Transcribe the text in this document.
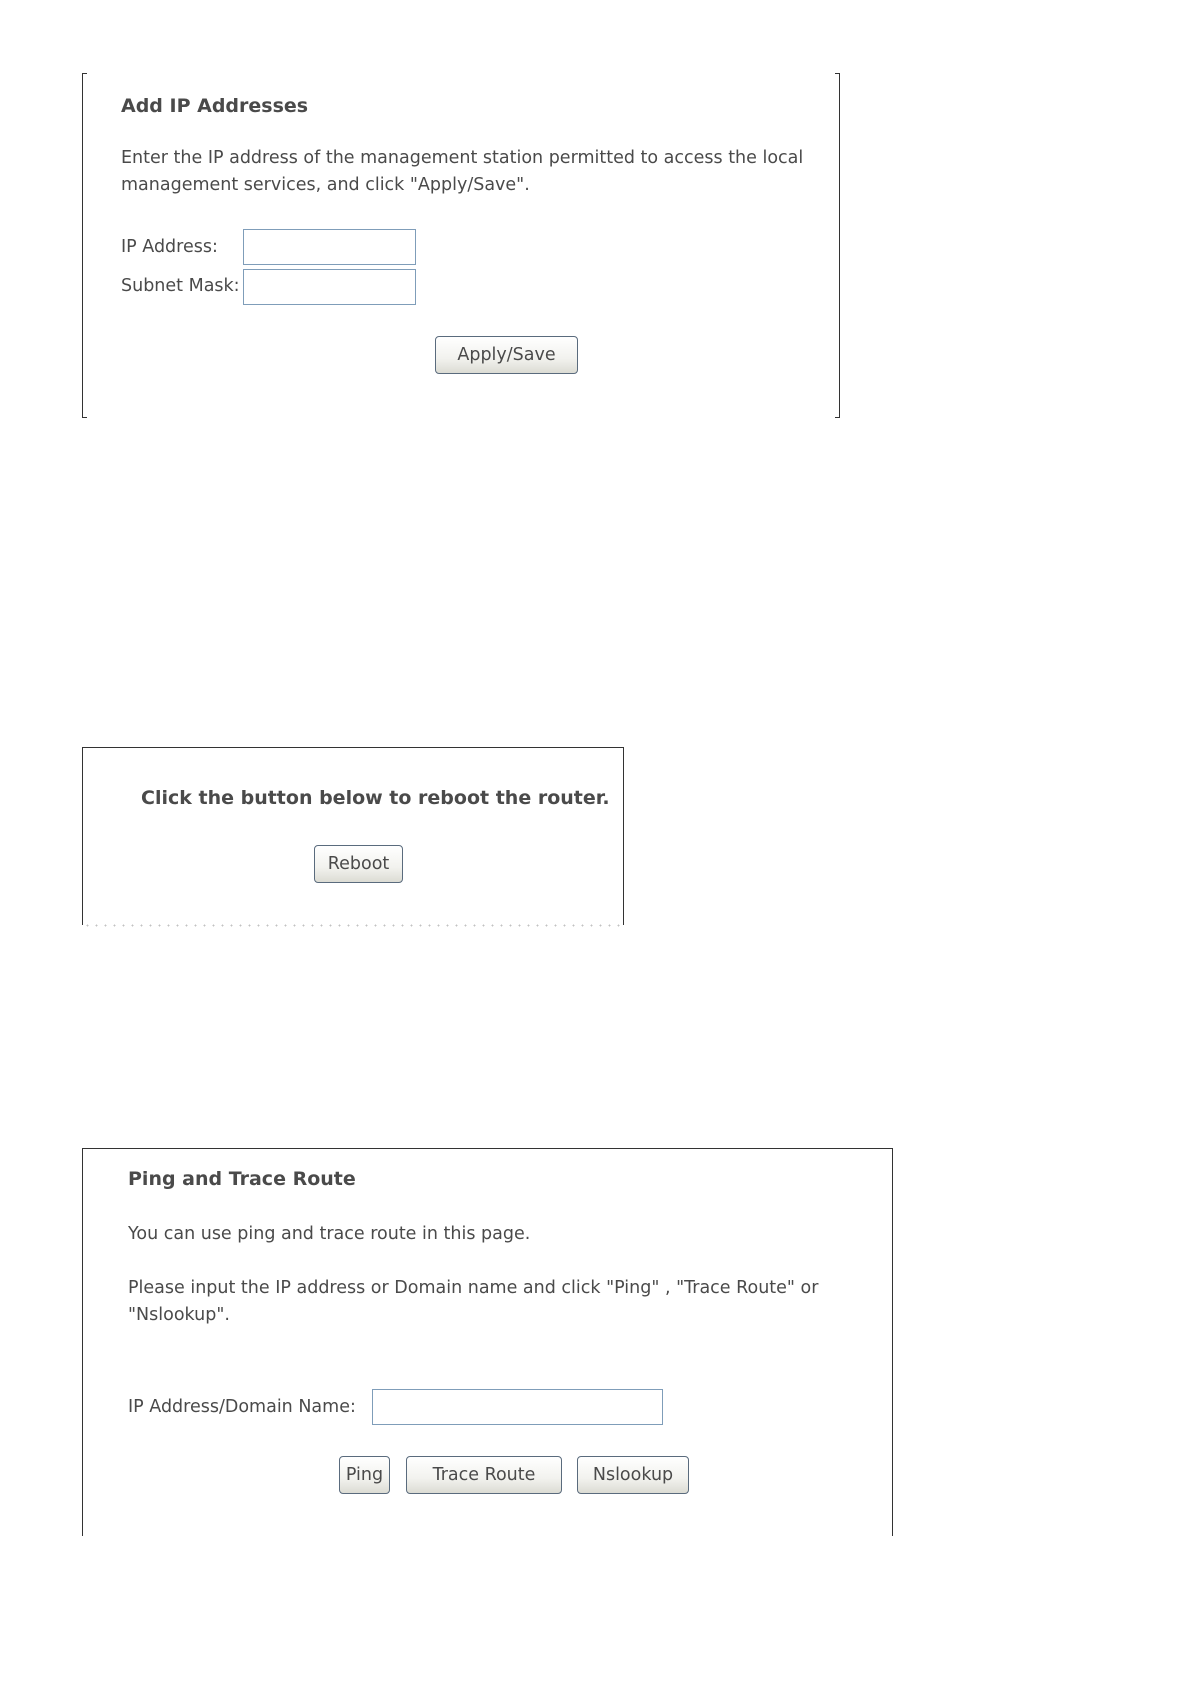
Add IP Addresses
Enter the IP address of the management station permitted to access the local
management services, and click "Apply/Save".
IP Address:
Subnet Mask:
Apply/Save
Click the button below to reboot the router.
Reboot
Ping and Trace Route
You can use ping and trace route in this page.
Please input the IP address or Domain name and click "Ping" , "Trace Route" or
"Nslookup".
IP Address/Domain Name:
Ping	Trace Route	Nslookup
